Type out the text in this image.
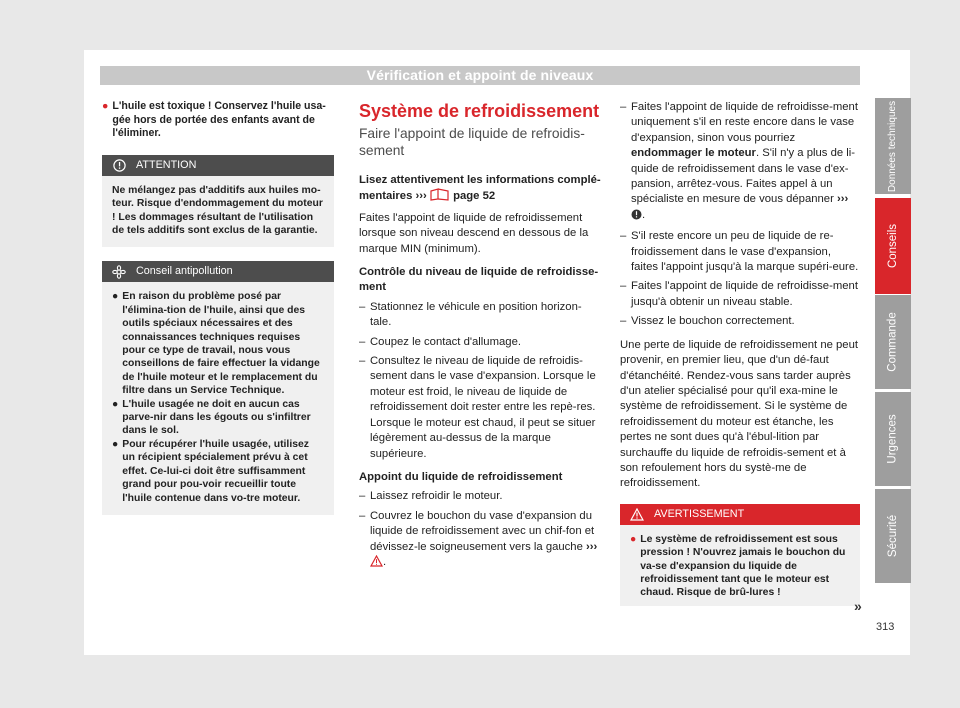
Vérification et appoint de niveaux
● L'huile est toxique ! Conservez l'huile usa-gée hors de portée des enfants avant de l'éliminer.
ATTENTION
Ne mélangez pas d'additifs aux huiles mo-teur. Risque d'endommagement du moteur ! Les dommages résultant de l'utilisation de tels additifs sont exclus de la garantie.
Conseil antipollution
● En raison du problème posé par l'élimina-tion de l'huile, ainsi que des outils spéciaux nécessaires et des connaissances techniques requises pour ce type de travail, nous vous conseillons de faire effectuer la vidange de l'huile moteur et le remplacement du filtre dans un Service Technique.
● L'huile usagée ne doit en aucun cas parve-nir dans les égouts ou s'infiltrer dans le sol.
● Pour récupérer l'huile usagée, utilisez un récipient spécialement prévu à cet effet. Ce-lui-ci doit être suffisamment grand pour pou-voir recueillir toute l'huile contenue dans vo-tre moteur.
Système de refroidissement
Faire l'appoint de liquide de refroidis-sement
Lisez attentivement les informations complé-mentaires ››› page 52
Faites l'appoint de liquide de refroidissement lorsque son niveau descend en dessous de la marque MIN (minimum).
Contrôle du niveau de liquide de refroidisse-ment
– Stationnez le véhicule en position horizon-tale.
– Coupez le contact d'allumage.
– Consultez le niveau de liquide de refroidis-sement dans le vase d'expansion. Lorsque le moteur est froid, le niveau de liquide de refroidissement doit rester entre les repè-res. Lorsque le moteur est chaud, il peut se situer légèrement au-dessus de la marque supérieure.
Appoint du liquide de refroidissement
– Laissez refroidir le moteur.
– Couvrez le bouchon du vase d'expansion du liquide de refroidissement avec un chif-fon et dévissez-le soigneusement vers la gauche ››› .
– Faites l'appoint de liquide de refroidisse-ment uniquement s'il en reste encore dans le vase d'expansion, sinon vous pourriez endommager le moteur. S'il n'y a plus de li-quide de refroidissement dans le vase d'ex-pansion, arrêtez-vous. Faites appel à un spécialiste en mesure de vous dépanner ››› .
– S'il reste encore un peu de liquide de re-froidissement dans le vase d'expansion, faites l'appoint jusqu'à la marque supéri-eure.
– Faites l'appoint de liquide de refroidisse-ment jusqu'à obtenir un niveau stable.
– Vissez le bouchon correctement.
Une perte de liquide de refroidissement ne peut provenir, en premier lieu, que d'un dé-faut d'étanchéité. Rendez-vous sans tarder auprès d'un atelier spécialisé pour qu'il exa-mine le système de refroidissement. Si le système de refroidissement du moteur est étanche, les pertes ne sont dues qu'à l'ébul-lition par surchauffe du liquide de refroidis-sement et à son refoulement hors du systè-me de refroidissement.
AVERTISSEMENT
● Le système de refroidissement est sous pression ! N'ouvrez jamais le bouchon du va-se d'expansion du liquide de refroidissement tant que le moteur est chaud. Risque de brû-lures !
»
Données techniques
Conseils
Commande
Urgences
Sécurité
313
